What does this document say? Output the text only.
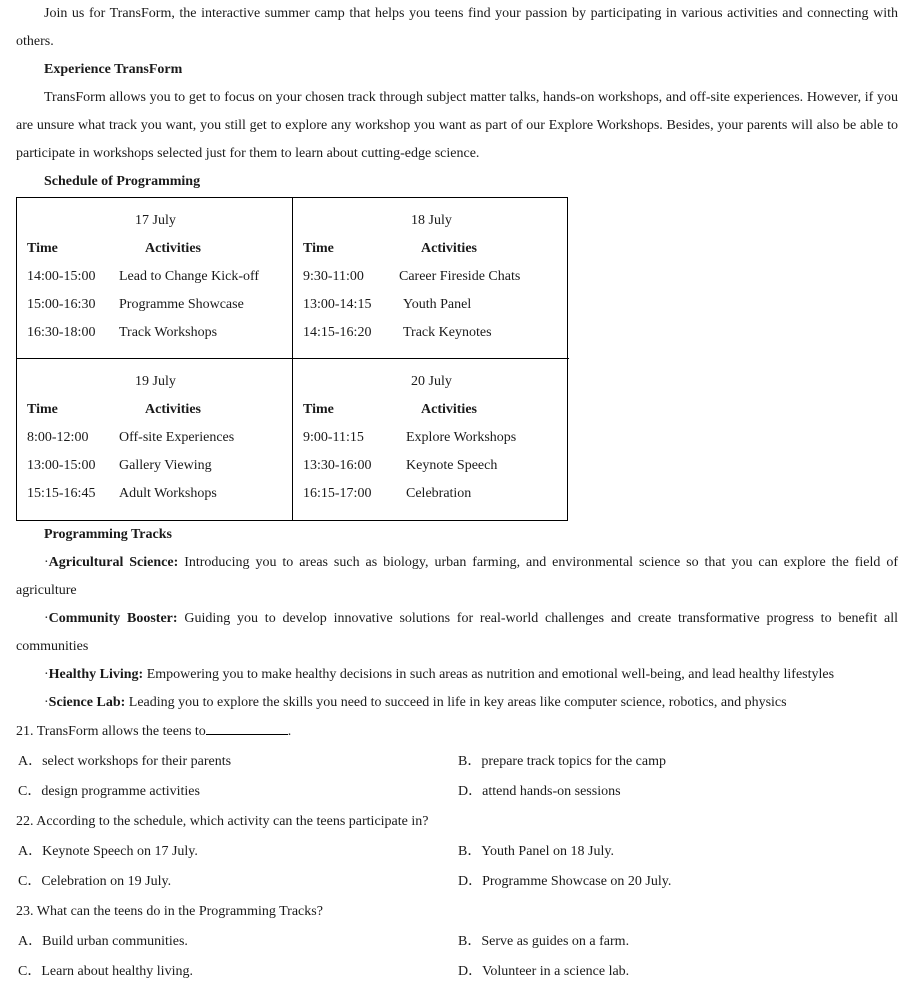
Join us for TransForm, the interactive summer camp that helps you teens find your passion by participating in various activities and connecting with others.

Experience TransForm

TransForm allows you to get to focus on your chosen track through subject matter talks, hands-on workshops, and off-site experiences. However, if you are unsure what track you want, you still get to explore any workshop you want as part of our Explore Workshops. Besides, your parents will also be able to participate in workshops selected just for them to learn about cutting-edge science.

Schedule of Programming

17 July
Time	Activities
14:00-15:00	Lead to Change Kick-off
15:00-16:30	Programme Showcase
16:30-18:00	Track Workshops
18 July
Time	Activities
9:30-11:00	Career Fireside Chats
13:00-14:15	Youth Panel
14:15-16:20	Track Keynotes
19 July
Time	Activities
8:00-12:00	Off-site Experiences
13:00-15:00	Gallery Viewing
15:15-16:45	Adult Workshops
20 July
Time	Activities
9:00-11:15	Explore Workshops
13:30-16:00	Keynote Speech
16:15-17:00	Celebration

Programming Tracks

·Agricultural Science: Introducing you to areas such as biology, urban farming, and environmental science so that you can explore the field of agriculture

·Community Booster: Guiding you to develop innovative solutions for real-world challenges and create transformative progress to benefit all communities

·Healthy Living: Empowering you to make healthy decisions in such areas as nutrition and emotional well-being, and lead healthy lifestyles

·Science Lab: Leading you to explore the skills you need to succeed in life in key areas like computer science, robotics, and physics

21. TransForm allows the teens to	.

A．select workshops for their parents	B．prepare track topics for the camp
C．design programme activities	D．attend hands-on sessions

22. According to the schedule, which activity can the teens participate in?

A．Keynote Speech on 17 July.	B．Youth Panel on 18 July.
C．Celebration on 19 July.	D．Programme Showcase on 20 July.

23. What can the teens do in the Programming Tracks?

A．Build urban communities.	B．Serve as guides on a farm.
C．Learn about healthy living.	D．Volunteer in a science lab.
